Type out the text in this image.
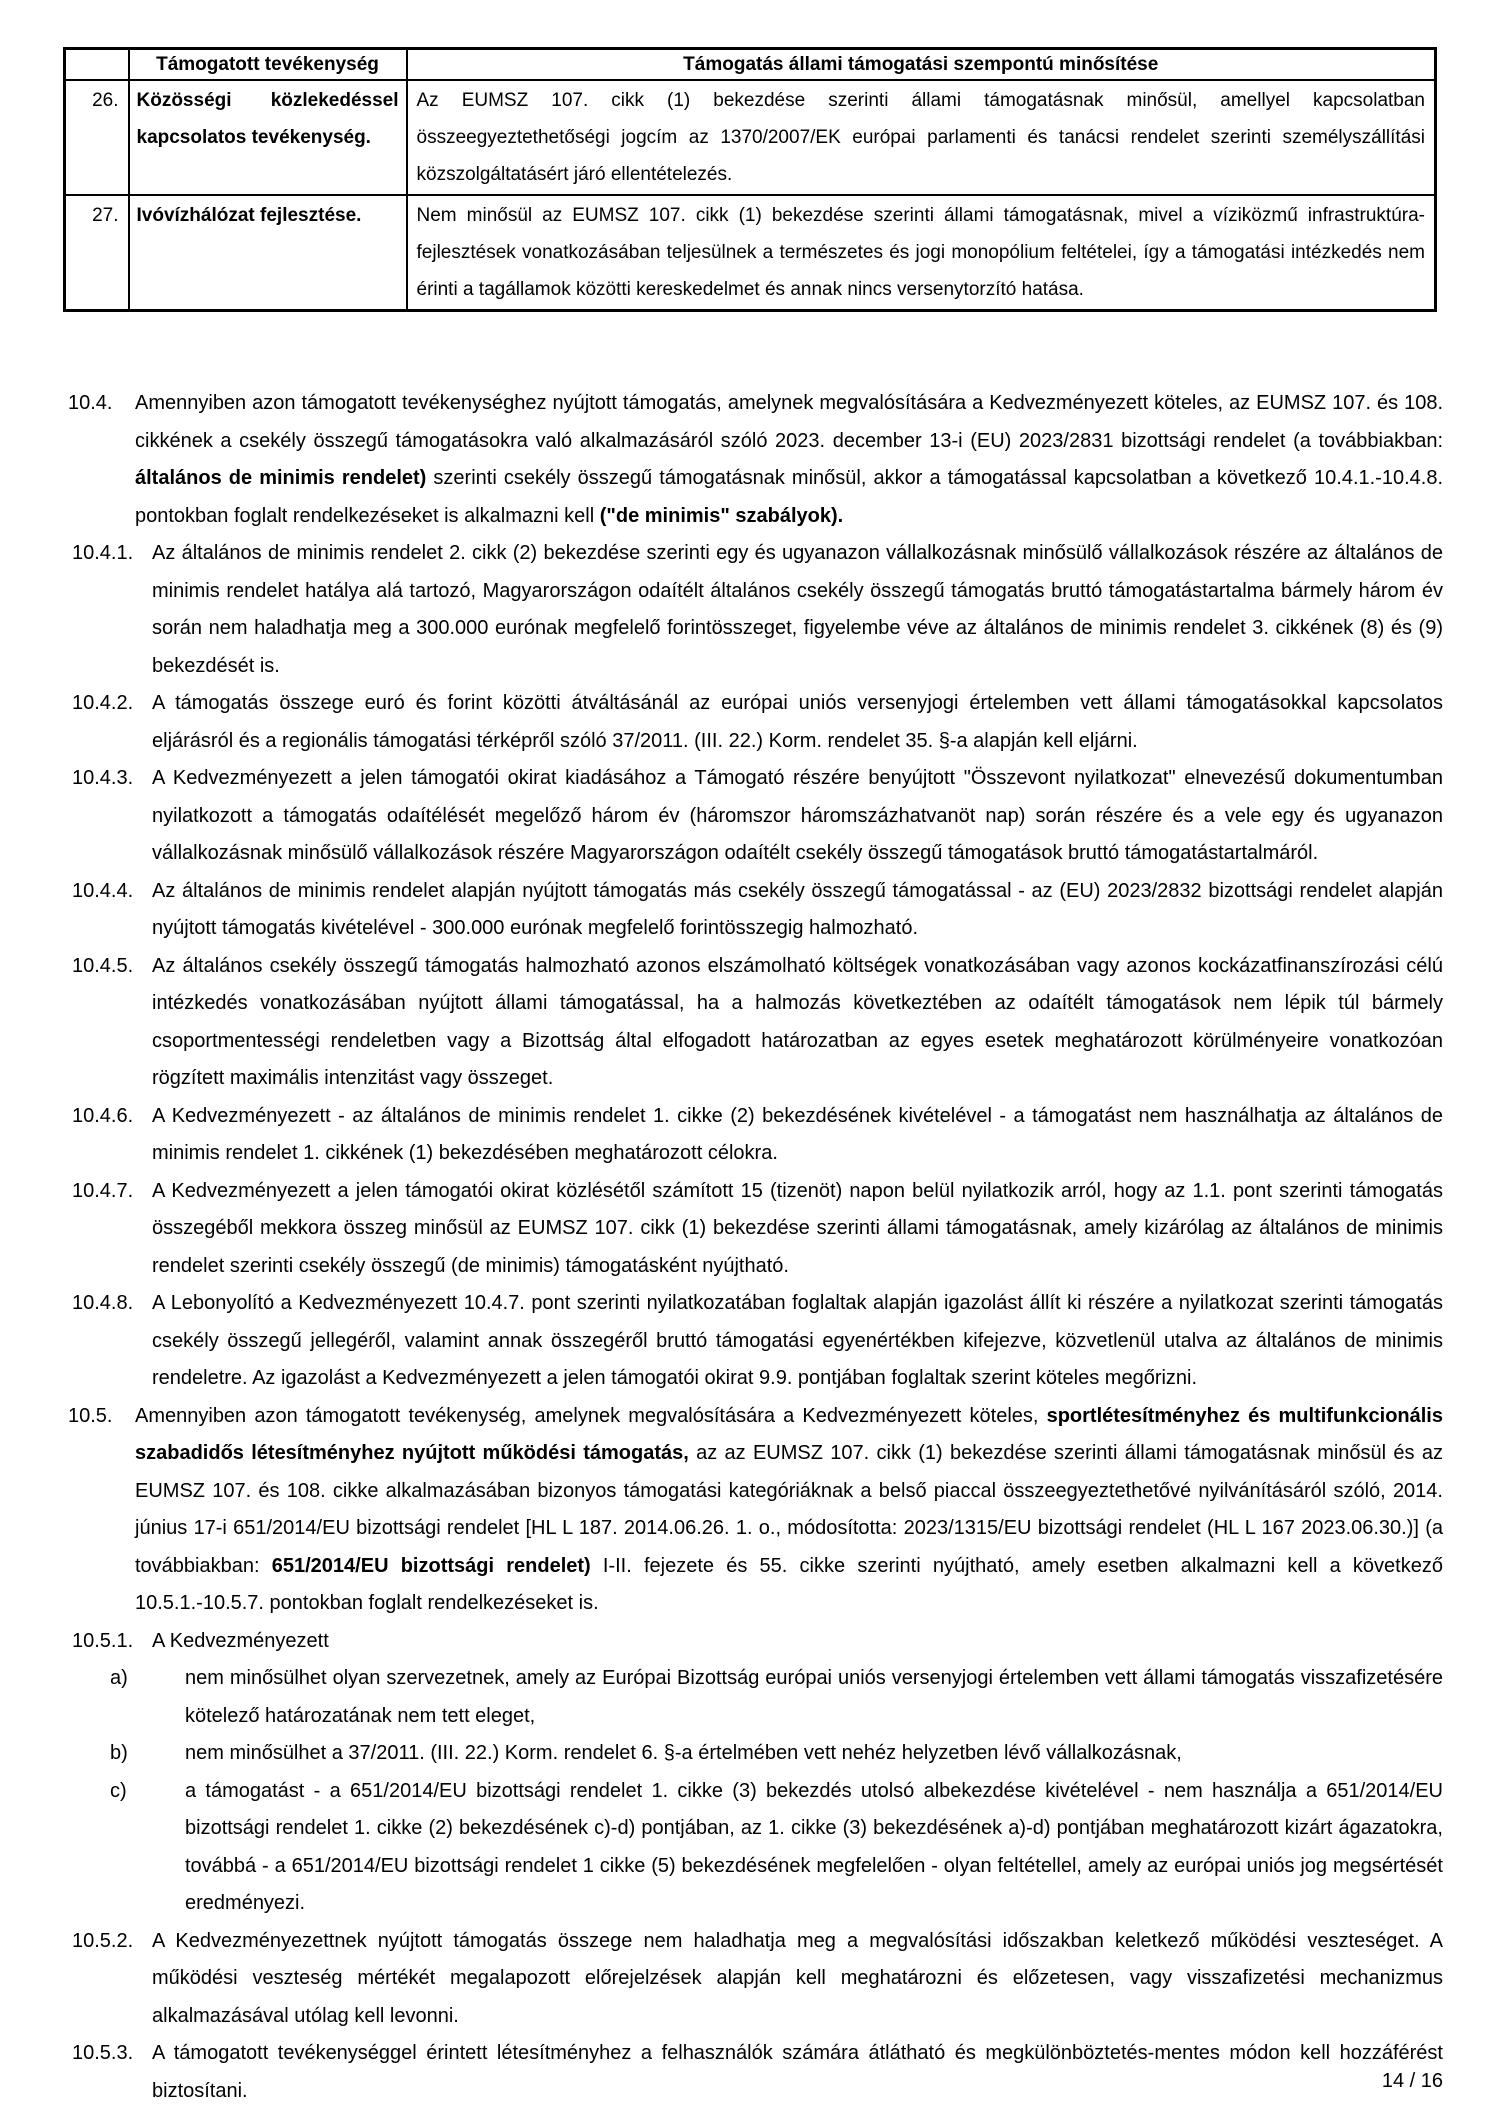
	Támogatott tevékenység	Támogatás állami támogatási szempontú minősítése
26.	Közösségi közlekedéssel kapcsolatos tevékenység.	Az EUMSZ 107. cikk (1) bekezdése szerinti állami támogatásnak minősül, amellyel kapcsolatban összeegyeztethetőségi jogcím az 1370/2007/EK európai parlamenti és tanácsi rendelet szerinti személyszállítási közszolgáltatásért járó ellentételezés.
27.	Ivóvízhálózat fejlesztése.	Nem minősül az EUMSZ 107. cikk (1) bekezdése szerinti állami támogatásnak, mivel a víziközmű infrastruktúra-fejlesztések vonatkozásában teljesülnek a természetes és jogi monopólium feltételei, így a támogatási intézkedés nem érinti a tagállamok közötti kereskedelmet és annak nincs versenytorzító hatása.
10.4.	Amennyiben azon támogatott tevékenységhez nyújtott támogatás, amelynek megvalósítására a Kedvezményezett köteles, az EUMSZ 107. és 108. cikkének a csekély összegű támogatásokra való alkalmazásáról szóló 2023. december 13-i (EU) 2023/2831 bizottsági rendelet (a továbbiakban: általános de minimis rendelet) szerinti csekély összegű támogatásnak minősül, akkor a támogatással kapcsolatban a következő 10.4.1.-10.4.8. pontokban foglalt rendelkezéseket is alkalmazni kell ("de minimis" szabályok).
10.4.1. Az általános de minimis rendelet 2. cikk (2) bekezdése szerinti egy és ugyanazon vállalkozásnak minősülő vállalkozások részére az általános de minimis rendelet hatálya alá tartozó, Magyarországon odaítélt általános csekély összegű támogatás bruttó támogatástartalma bármely három év során nem haladhatja meg a 300.000 eurónak megfelelő forintösszeget, figyelembe véve az általános de minimis rendelet 3. cikkének (8) és (9) bekezdését is.
10.4.2. A támogatás összege euró és forint közötti átváltásánál az európai uniós versenyjogi értelemben vett állami támogatásokkal kapcsolatos eljárásról és a regionális támogatási térképről szóló 37/2011. (III. 22.) Korm. rendelet 35. §-a alapján kell eljárni.
10.4.3. A Kedvezményezett a jelen támogatói okirat kiadásához a Támogató részére benyújtott "Összevont nyilatkozat" elnevezésű dokumentumban nyilatkozott a támogatás odaítélését megelőző három év (háromszor háromszázhatvanöt nap) során részére és a vele egy és ugyanazon vállalkozásnak minősülő vállalkozások részére Magyarországon odaítélt csekély összegű támogatások bruttó támogatástartalmáról.
10.4.4. Az általános de minimis rendelet alapján nyújtott támogatás más csekély összegű támogatással - az (EU) 2023/2832 bizottsági rendelet alapján nyújtott támogatás kivételével - 300.000 eurónak megfelelő forintösszegig halmozható.
10.4.5. Az általános csekély összegű támogatás halmozható azonos elszámolható költségek vonatkozásában vagy azonos kockázatfinanszírozási célú intézkedés vonatkozásában nyújtott állami támogatással, ha a halmozás következtében az odaítélt támogatások nem lépik túl bármely csoportmentességi rendeletben vagy a Bizottság által elfogadott határozatban az egyes esetek meghatározott körülményeire vonatkozóan rögzített maximális intenzitást vagy összeget.
10.4.6. A Kedvezményezett - az általános de minimis rendelet 1. cikke (2) bekezdésének kivételével - a támogatást nem használhatja az általános de minimis rendelet 1. cikkének (1) bekezdésében meghatározott célokra.
10.4.7. A Kedvezményezett a jelen támogatói okirat közlésétől számított 15 (tizenöt) napon belül nyilatkozik arról, hogy az 1.1. pont szerinti támogatás összegéből mekkora összeg minősül az EUMSZ 107. cikk (1) bekezdése szerinti állami támogatásnak, amely kizárólag az általános de minimis rendelet szerinti csekély összegű (de minimis) támogatásként nyújtható.
10.4.8. A Lebonyolító a Kedvezményezett 10.4.7. pont szerinti nyilatkozatában foglaltak alapján igazolást állít ki részére a nyilatkozat szerinti támogatás csekély összegű jellegéről, valamint annak összegéről bruttó támogatási egyenértékben kifejezve, közvetlenül utalva az általános de minimis rendeletre. Az igazolást a Kedvezményezett a jelen támogatói okirat 9.9. pontjában foglaltak szerint köteles megőrizni.
10.5.	Amennyiben azon támogatott tevékenység, amelynek megvalósítására a Kedvezményezett köteles, sportlétesítményhez és multifunkcionális szabadidős létesítményhez nyújtott működési támogatás, az az EUMSZ 107. cikk (1) bekezdése szerinti állami támogatásnak minősül és az EUMSZ 107. és 108. cikke alkalmazásában bizonyos támogatási kategóriáknak a belső piaccal összeegyeztethetővé nyilvánításáról szóló, 2014. június 17-i 651/2014/EU bizottsági rendelet [HL L 187. 2014.06.26. 1. o., módosította: 2023/1315/EU bizottsági rendelet (HL L 167 2023.06.30.)] (a továbbiakban: 651/2014/EU bizottsági rendelet) I-II. fejezete és 55. cikke szerinti nyújtható, amely esetben alkalmazni kell a következő 10.5.1.-10.5.7. pontokban foglalt rendelkezéseket is.
10.5.1. A Kedvezményezett
a)	nem minősülhet olyan szervezetnek, amely az Európai Bizottság európai uniós versenyjogi értelemben vett állami támogatás visszafizetésére kötelező határozatának nem tett eleget,
b)	nem minősülhet a 37/2011. (III. 22.) Korm. rendelet 6. §-a értelmében vett nehéz helyzetben lévő vállalkozásnak,
c)	a támogatást - a 651/2014/EU bizottsági rendelet 1. cikke (3) bekezdés utolsó albekezdése kivételével - nem használja a 651/2014/EU bizottsági rendelet 1. cikke (2) bekezdésének c)-d) pontjában, az 1. cikke (3) bekezdésének a)-d) pontjában meghatározott kizárt ágazatokra, továbbá - a 651/2014/EU bizottsági rendelet 1 cikke (5) bekezdésének megfelelően - olyan feltétellel, amely az európai uniós jog megsértését eredményezi.
10.5.2. A Kedvezményezettnek nyújtott támogatás összege nem haladhatja meg a megvalósítási időszakban keletkező működési veszteséget. A működési veszteség mértékét megalapozott előrejelzések alapján kell meghatározni és előzetesen, vagy visszafizetési mechanizmus alkalmazásával utólag kell levonni.
10.5.3. A támogatott tevékenységgel érintett létesítményhez a felhasználók számára átlátható és megkülönböztetés-mentes módon kell hozzáférést biztosítani.	14 / 16
